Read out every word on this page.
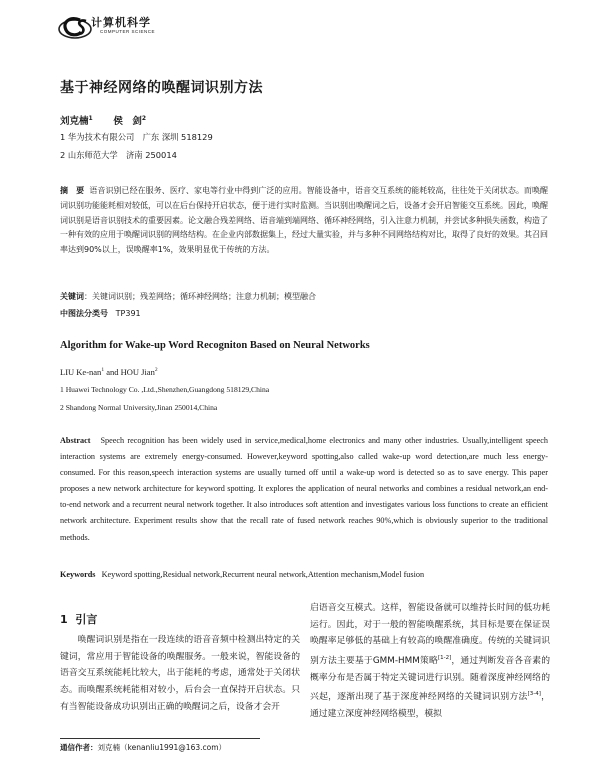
计算机科学
COMPUTER SCIENCE
基于神经网络的唤醒词识别方法
刘克楠$^1$ 侯　剑$^2$
1 华为技术有限公司　广东 深圳 518129
2 山东师范大学　济南 250014
摘　要 语音识别已经在服务、医疗、家电等行业中得到广泛的应用。智能设备中，语音交互系统的能耗较高，往往处于关闭状态。而唤醒词识别功能能耗相对较低，可以在后台保持开启状态，便于进行实时监测。当识别出唤醒词之后，设备才会开启智能交互系统。因此，唤醒词识别是语音识别技术的重要因素。论文融合残差网络、语音端到端网络、循环神经网络，引入注意力机制，并尝试多种损失函数，构造了一种有效的应用于唤醒词识别的网络结构。在企业内部数据集上，经过大量实验，并与多种不同网络结构对比，取得了良好的效果。其召回率达到90%以上，误唤醒率1%，效果明显优于传统的方法。
关键词：关键词识别；残差网络；循环神经网络；注意力机制；模型融合
中图法分类号 TP391
Algorithm for Wake-up Word Recogniton Based on Neural Networks
LIU Ke-nan$^1$ and HOU Jian$^2$
1 Huawei Technology Co. ,Ltd.,Shenzhen,Guangdong 518129,China
2 Shandong Normal University,Jinan 250014,China
Abstract Speech recognition has been widely used in service,medical,home electronics and many other industries. Usually,intelligent speech interaction systems are extremely energy-consumed. However,keyword spotting,also called wake-up word detection,are much less energy-consumed. For this reason,speech interaction systems are usually turned off until a wake-up word is detected so as to save energy. This paper proposes a new network architecture for keyword spotting. It explores the application of neural networks and combines a residual network,an end-to-end network and a recurrent neural network together. It also introduces soft attention and investigates various loss functions to create an efficient network architecture. Experiment results show that the recall rate of fused network reaches 90%,which is obviously superior to the traditional methods.
Keywords Keyword spotting,Residual network,Recurrent neural network,Attention mechanism,Model fusion
1 引言

唤醒词识别是指在一段连续的语音音频中检测出特定的关键词，常应用于智能设备的唤醒服务。一般来说，智能设备的语音交互系统能耗比较大，出于能耗的考虑，通常处于关闭状态。而唤醒系统耗能相对较小，后台会一直保持开启状态。只有当智能设备成功识别出正确的唤醒词之后，设备才会开

启语音交互模式。这样，智能设备就可以维持长时间的低功耗运行。因此，对于一般的智能唤醒系统，其目标是要在保证误唤醒率足够低的基础上有较高的唤醒准确度。传统的关键词识别方法主要基于GMM-HMM策略[1-2]，通过判断发音各音素的概率分布是否属于特定关键词进行识别。随着深度神经网络的兴起，逐渐出现了基于深度神经网络的关键词识别方法[3-4]，通过建立深度神经网络模型，模拟

通信作者：刘克楠（kenanliu1991@163.com）
